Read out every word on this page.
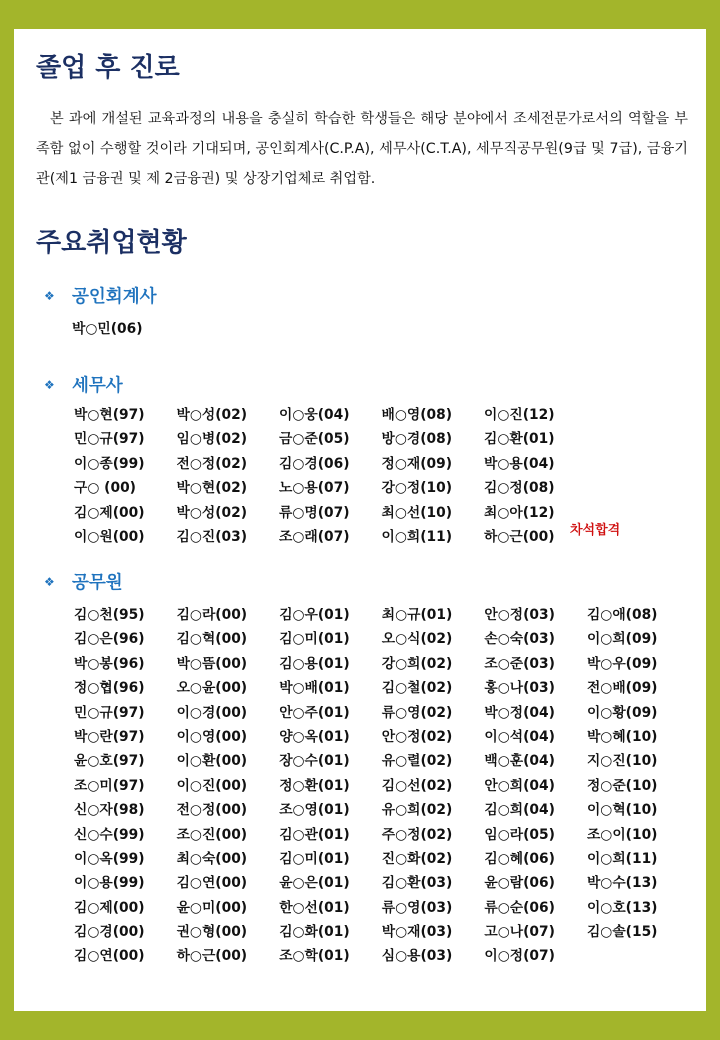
졸업 후 진로

본 과에 개설된 교육과정의 내용을 충실히 학습한 학생들은 해당 분야에서 조세전문가로서의 역할을 부족함 없이 수행할 것이라 기대되며, 공인회계사(C.P.A), 세무사(C.T.A), 세무직공무원(9급 및 7급), 금융기관(제1 금융권 및 제 2금융권) 및 상장기업체로 취업함.

주요취업현황
❖ 공인회계사
박○민(06)
❖ 세무사
박○현(97)	박○성(02)	이○웅(04)	배○영(08)	이○진(12)
민○규(97)	임○병(02)	금○준(05)	방○경(08)	김○환(01)
이○종(99)	전○정(02)	김○경(06)	정○재(09)	박○용(04)
구○ (00)	박○현(02)	노○용(07)	강○정(10)	김○정(08)
김○제(00)	박○성(02)	류○명(07)	최○선(10)	최○아(12)
이○원(00)	김○진(03)	조○래(07)	이○희(11)	하○근(00)	차석합격
❖ 공무원
김○천(95)	김○라(00)	김○우(01)	최○규(01)	안○정(03)	김○애(08)
김○은(96)	김○혁(00)	김○미(01)	오○식(02)	손○숙(03)	이○희(09)
박○봉(96)	박○뜸(00)	김○용(01)	강○희(02)	조○준(03)	박○우(09)
정○협(96)	오○윤(00)	박○배(01)	김○철(02)	홍○나(03)	전○배(09)
민○규(97)	이○경(00)	안○주(01)	류○영(02)	박○정(04)	이○황(09)
박○란(97)	이○영(00)	양○옥(01)	안○정(02)	이○석(04)	박○혜(10)
윤○호(97)	이○환(00)	장○수(01)	유○렬(02)	백○훈(04)	지○진(10)
조○미(97)	이○진(00)	정○환(01)	김○선(02)	안○희(04)	정○준(10)
신○자(98)	전○정(00)	조○영(01)	유○희(02)	김○희(04)	이○혁(10)
신○수(99)	조○진(00)	김○관(01)	주○정(02)	임○라(05)	조○이(10)
이○옥(99)	최○숙(00)	김○미(01)	진○화(02)	김○혜(06)	이○희(11)
이○용(99)	김○연(00)	윤○은(01)	김○환(03)	윤○람(06)	박○수(13)
김○제(00)	윤○미(00)	한○선(01)	류○영(03)	류○순(06)	이○호(13)
김○경(00)	권○형(00)	김○화(01)	박○재(03)	고○나(07)	김○솔(15)
김○연(00)	하○근(00)	조○학(01)	심○용(03)	이○정(07)
